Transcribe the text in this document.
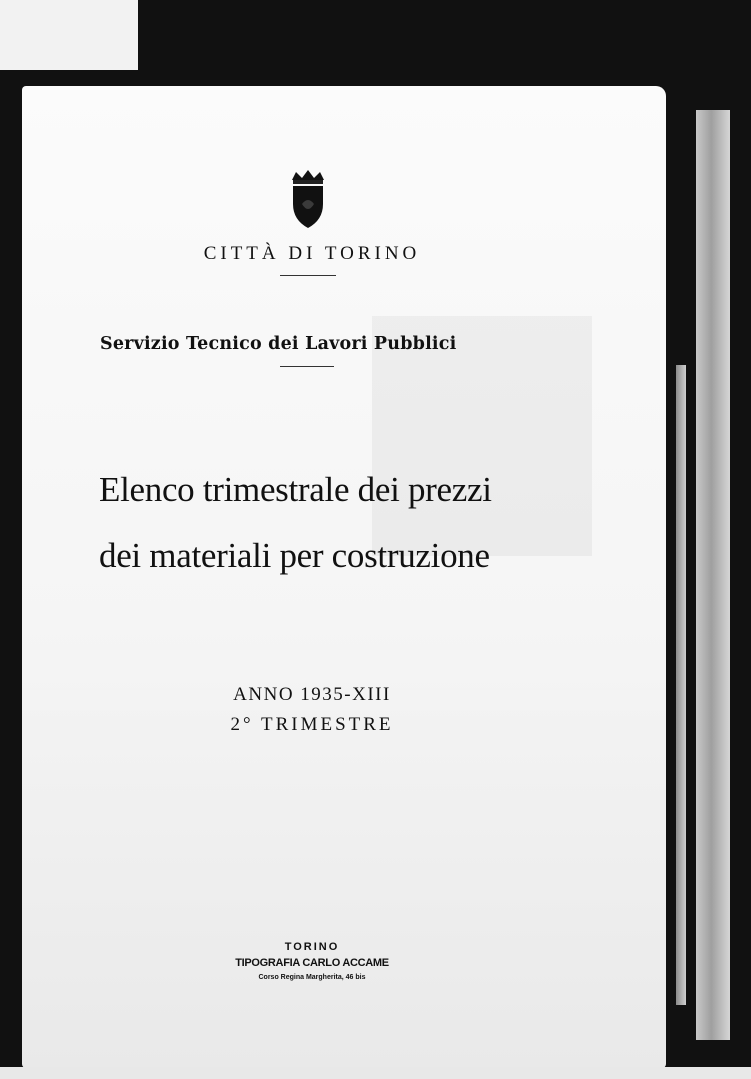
CITTÀ DI TORINO

Servizio Tecnico dei Lavori Pubblici

Elenco trimestrale dei prezzi

dei materiali per costruzione

ANNO 1935-XIII

2° TRIMESTRE

TORINO

TIPOGRAFIA CARLO ACCAME

Corso Regina Margherita, 46 bis
